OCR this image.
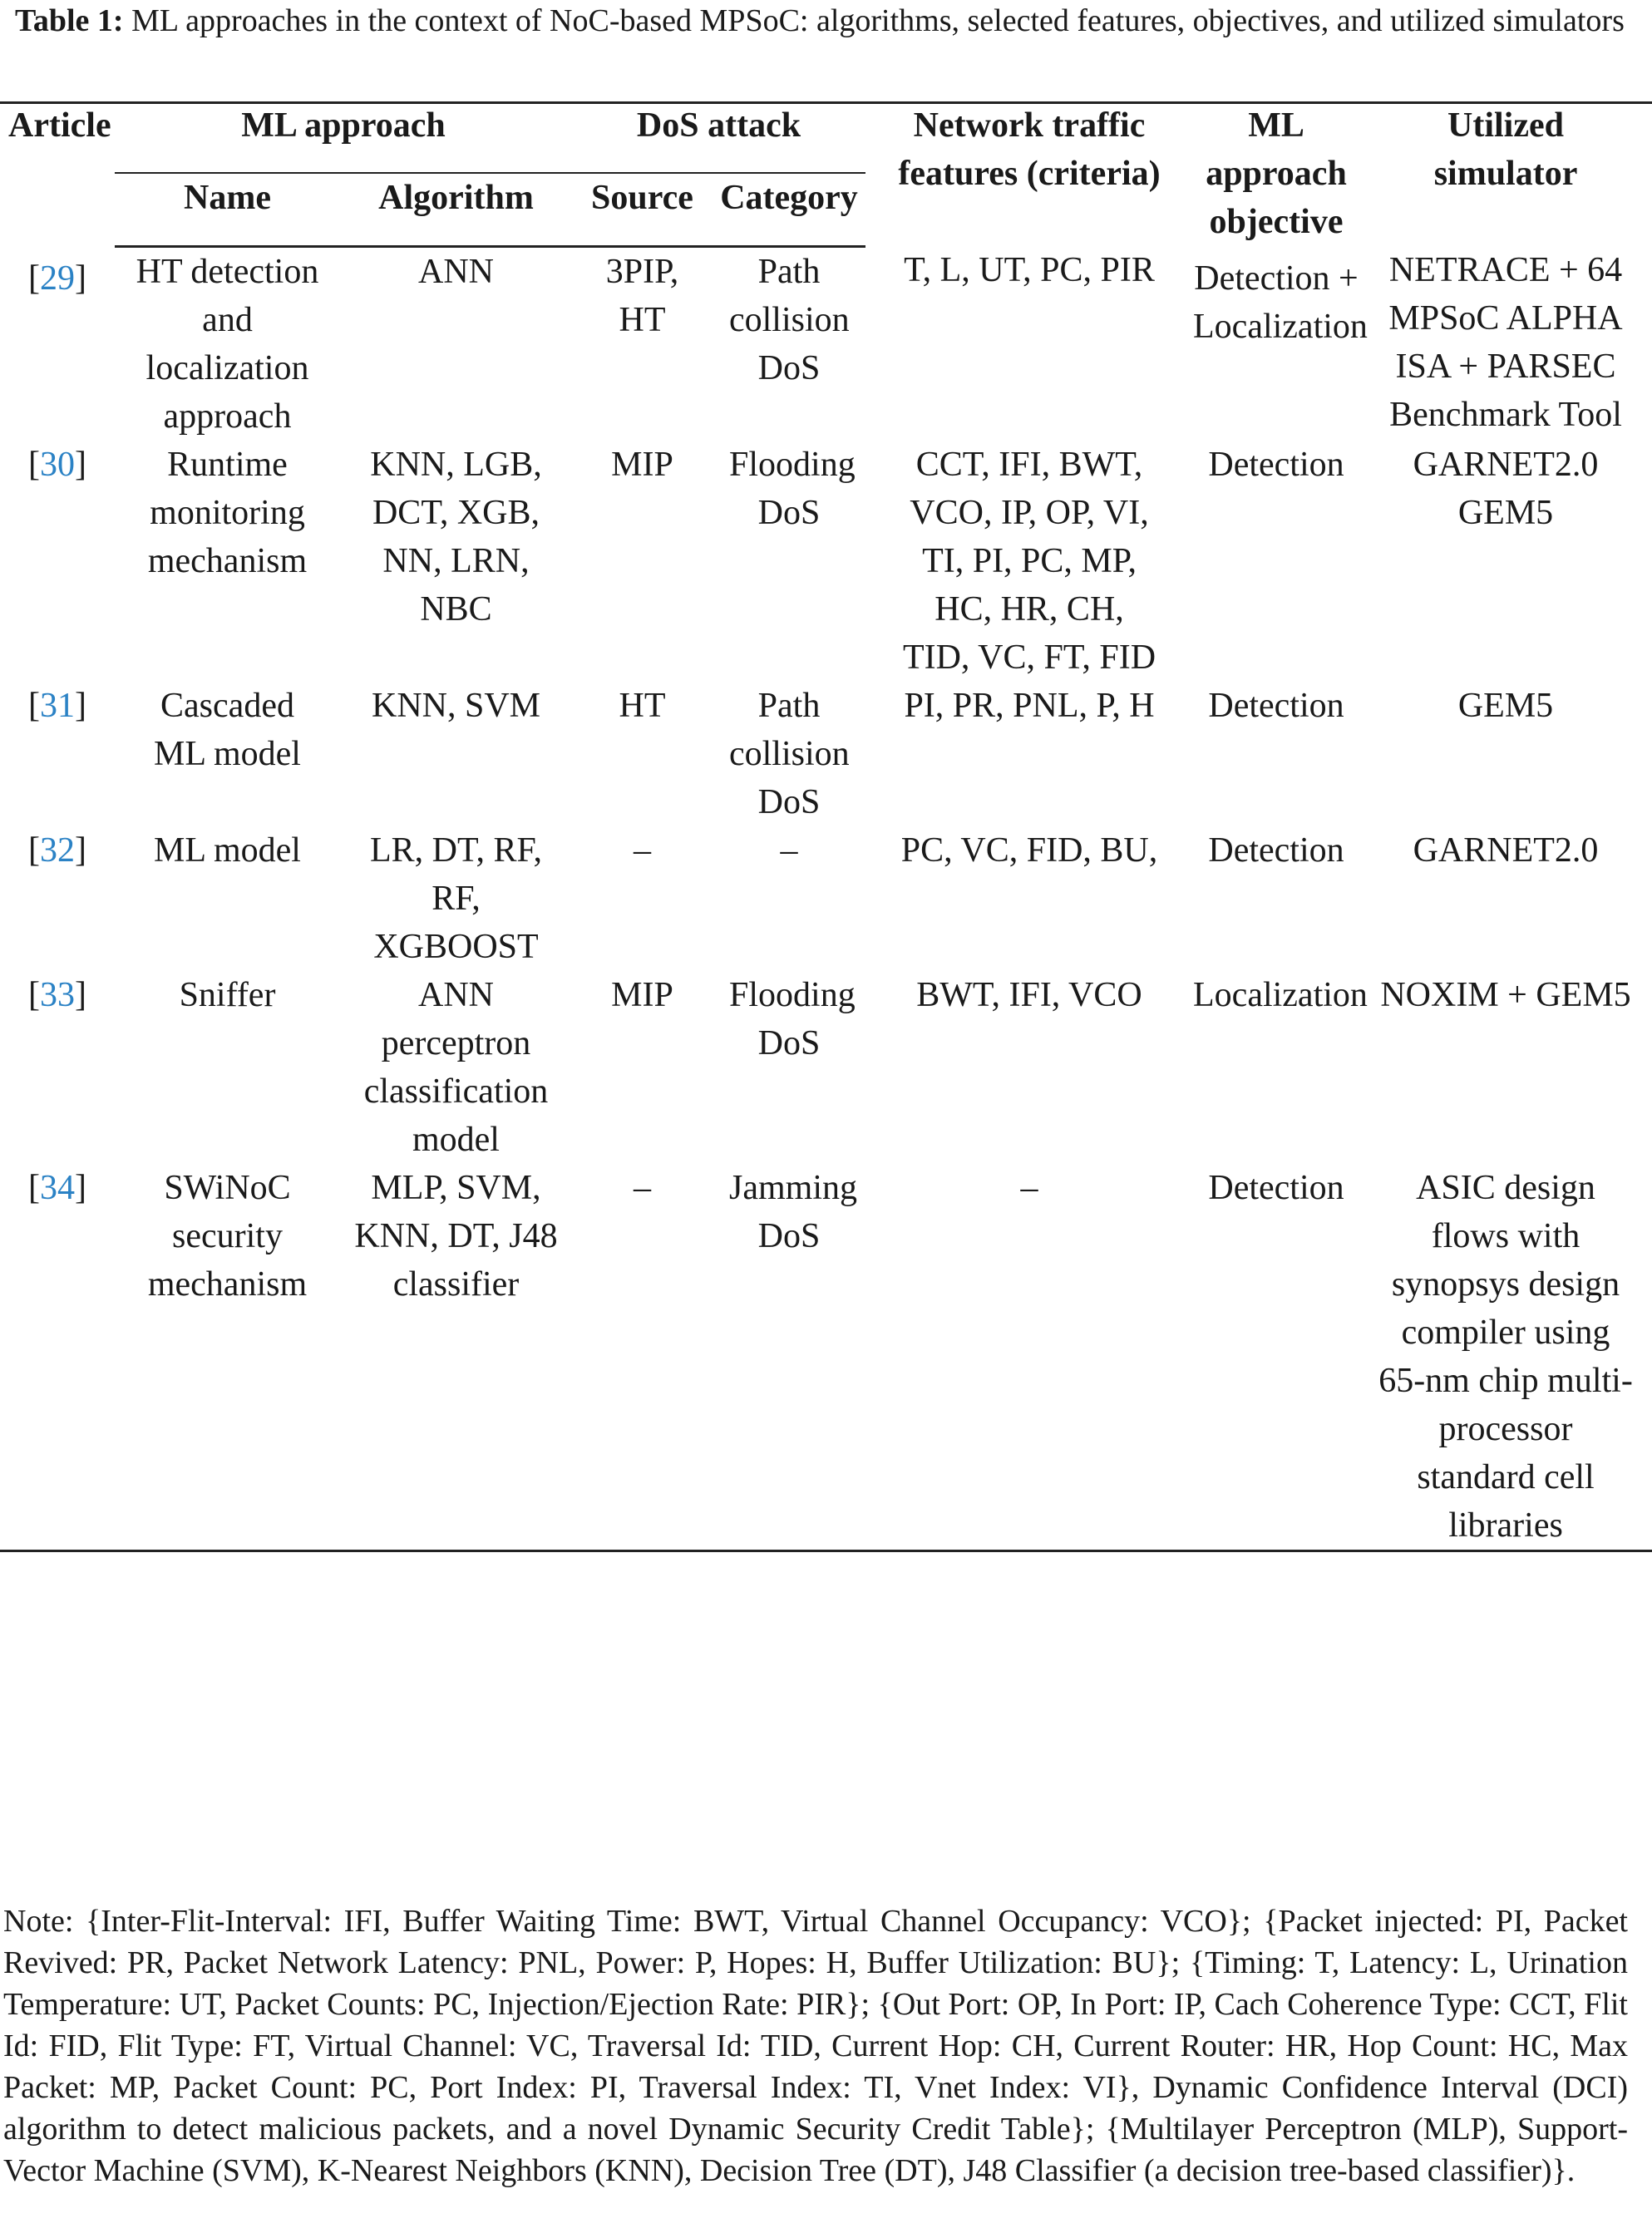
Table 1: ML approaches in the context of NoC-based MPSoC: algorithms, selected features, objectives, and utilized simulators
Article	ML approach		DoS attack		Network traffic features (criteria)	ML approach objective	Utilized simulator
	Name	Algorithm	Source	Category			
[29]	HT detection and localization approach	ANN	3PIP, HT	Path collision DoS	T, L, UT, PC, PIR	Detection + Localization	NETRACE + 64 MPSoC ALPHA ISA + PARSEC Benchmark Tool
[30]	Runtime monitoring mechanism	KNN, LGB, DCT, XGB, NN, LRN, NBC	MIP	Flooding DoS	CCT, IFI, BWT, VCO, IP, OP, VI, TI, PI, PC, MP, HC, HR, CH, TID, VC, FT, FID	Detection	GARNET2.0 GEM5
[31]	Cascaded ML model	KNN, SVM	HT	Path collision DoS	PI, PR, PNL, P, H	Detection	GEM5
[32]	ML model	LR, DT, RF, RF, XGBOOST	–	–	PC, VC, FID, BU,	Detection	GARNET2.0
[33]	Sniffer	ANN perceptron classification model	MIP	Flooding DoS	BWT, IFI, VCO	Localization	NOXIM + GEM5
[34]	SWiNoC security mechanism	MLP, SVM, KNN, DT, J48 classifier	–	Jamming DoS	–	Detection	ASIC design flows with synopsys design compiler using 65-nm chip multi-processor standard cell libraries

Note: {Inter-Flit-Interval: IFI, Buffer Waiting Time: BWT, Virtual Channel Occupancy: VCO}; {Packet injected: PI, Packet Revived: PR, Packet Network Latency: PNL, Power: P, Hopes: H, Buffer Utilization: BU}; {Timing: T, Latency: L, Urination Temperature: UT, Packet Counts: PC, Injection/Ejection Rate: PIR}; {Out Port: OP, In Port: IP, Cach Coherence Type: CCT, Flit Id: FID, Flit Type: FT, Virtual Channel: VC, Traversal Id: TID, Current Hop: CH, Current Router: HR, Hop Count: HC, Max Packet: MP, Packet Count: PC, Port Index: PI, Traversal Index: TI, Vnet Index: VI}, Dynamic Confidence Interval (DCI) algorithm to detect malicious packets, and a novel Dynamic Security Credit Table}; {Multilayer Perceptron (MLP), Support-Vector Machine (SVM), K-Nearest Neighbors (KNN), Decision Tree (DT), J48 Classifier (a decision tree-based classifier)}.
